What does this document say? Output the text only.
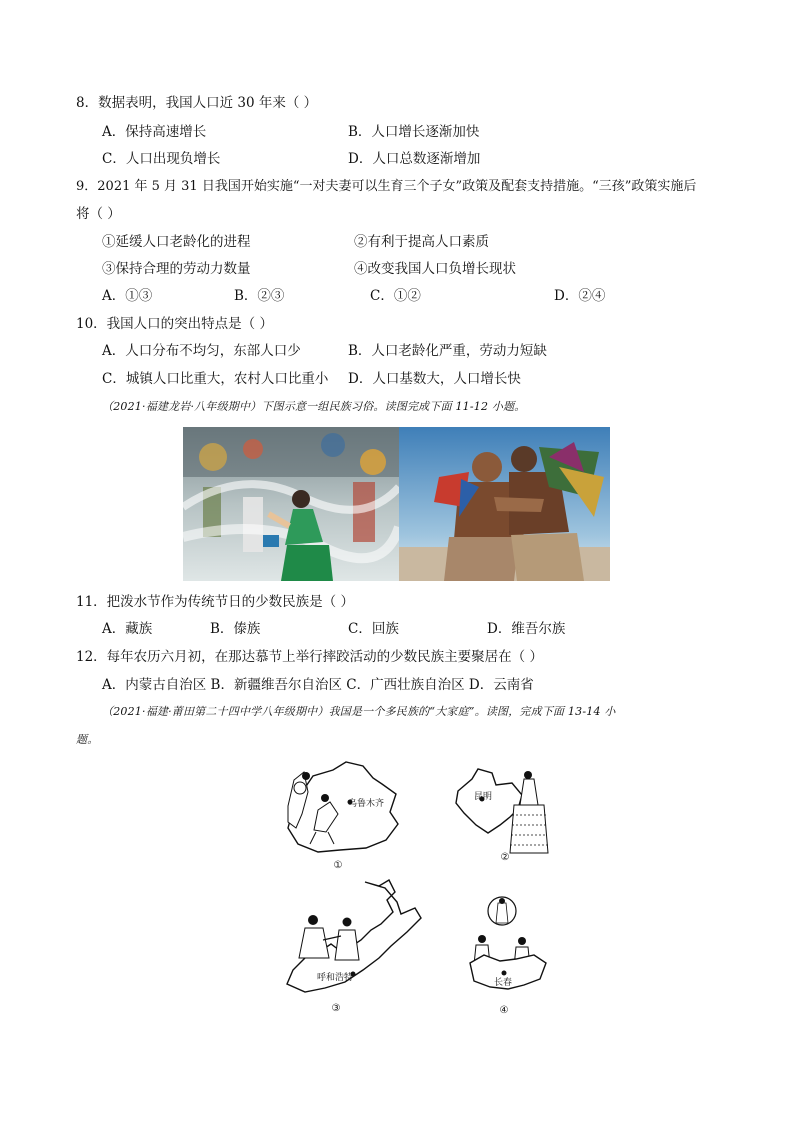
8．数据表明，我国人口近 30 年来（ ）
A．保持高速增长	B．人口增长逐渐加快
C．人口出现负增长	D．人口总数逐渐增加
9．2021 年 5 月 31 日我国开始实施“一对夫妻可以生育三个子女”政策及配套支持措施。“三孩”政策实施后
将（ ）
①延缓人口老龄化的进程	②有利于提高人口素质
③保持合理的劳动力数量	④改变我国人口负增长现状
A．①③	B．②③	C．①②	D．②④
10．我国人口的突出特点是（ ）
A．人口分布不均匀，东部人口少	B．人口老龄化严重，劳动力短缺
C．城镇人口比重大，农村人口比重小 D．人口基数大，人口增长快
（2021·福建龙岩·八年级期中）下图示意一组民族习俗。读图完成下面 11-12 小题。
11．把泼水节作为传统节日的少数民族是（ ）
A．藏族	B．傣族	C．回族	D．维吾尔族
12．每年农历六月初，在那达慕节上举行摔跤活动的少数民族主要聚居在（ ）
A．内蒙古自治区 B．新疆维吾尔自治区 C．广西壮族自治区 D．云南省
（2021·福建·莆田第二十四中学八年级期中）我国是一个多民族的“大家庭”。读图，完成下面 13-14 小
题。
乌鲁木齐
①
昆明
②
呼和浩特
③
长春
④
